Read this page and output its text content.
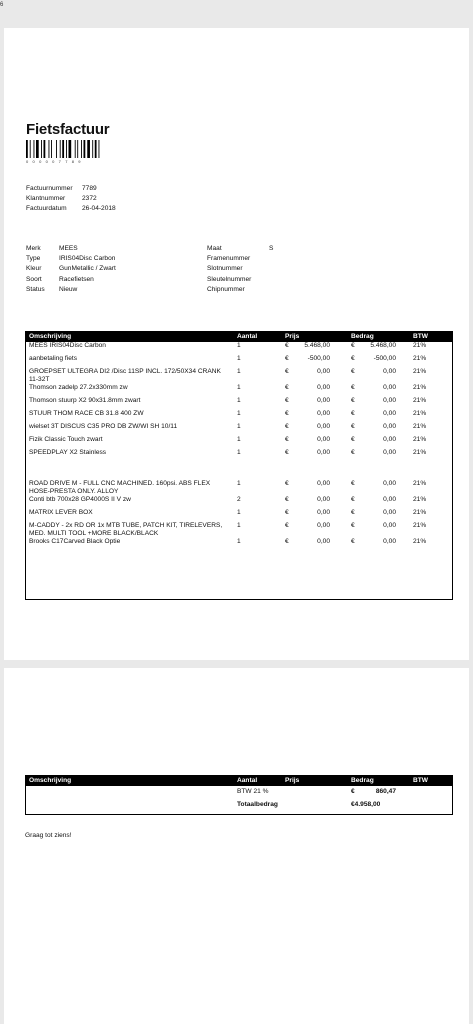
6
Fietsfactuur
0 0 0 0 0 7 7 8 9
Factuurnummer	7789
Klantnummer	2372
Factuurdatum	26-04-2018
Merk	MEES
Type	IRIS04Disc Carbon
Kleur	GunMetallic / Zwart
Soort	Racefietsen
Status	Nieuw
Maat	S
Framenummer
Slotnummer
Sleutelnummer
Chipnummer
Omschrijving	Aantal	Prijs	Bedrag	BTW
MEES IRIS04Disc Carbon	1	€ 5.468,00	€ 5.468,00	21%
aanbetaling fiets	1	€ -500,00	€ -500,00	21%
GROEPSET ULTEGRA DI2 /Disc 11SP INCL. 172/50X34 CRANK 11-32T	1	€ 0,00	€ 0,00	21%
Thomson zadelp 27.2x330mm zw	1	€ 0,00	€ 0,00	21%
Thomson stuurp X2 90x31.8mm zwart	1	€ 0,00	€ 0,00	21%
STUUR THOM RACE CB 31.8 400 ZW	1	€ 0,00	€ 0,00	21%
wielset 3T DISCUS C35 PRO DB ZW/WI SH 10/11	1	€ 0,00	€ 0,00	21%
Fizik Classic Touch zwart	1	€ 0,00	€ 0,00	21%
SPEEDPLAY X2 Stainless	1	€ 0,00	€ 0,00	21%

ROAD DRIVE M - FULL CNC MACHINED. 160psi. ABS FLEX HOSE-PRESTA ONLY. ALLOY	1	€ 0,00	€ 0,00	21%
Conti btb 700x28 GP4000S II V zw	2	€ 0,00	€ 0,00	21%
MATRIX LEVER BOX	1	€ 0,00	€ 0,00	21%
M-CADDY - 2x RD OR 1x MTB TUBE, PATCH KIT, TIRELEVERS, MED. MULTI TOOL +MORE BLACK/BLACK	1	€ 0,00	€ 0,00	21%
Brooks C17Carved Black Optie	1	€ 0,00	€ 0,00	21%
Omschrijving	Aantal	Prijs	Bedrag	BTW
	BTW 21 %		€ 860,47	
	Totaalbedrag		€4.958,00	
Graag tot ziens!
